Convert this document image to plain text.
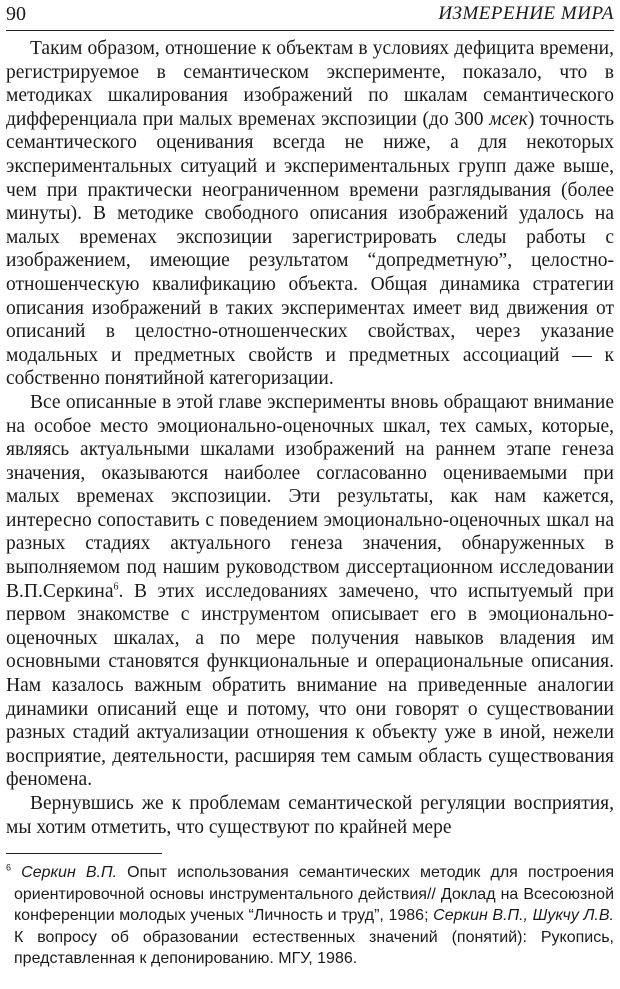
90	ИЗМЕРЕНИЕ МИРА

Таким образом, отношение к объектам в условиях дефицита времени, регистрируемое в семантическом эксперименте, показало, что в методиках шкалирования изображений по шкалам семантического дифференциала при малых временах экспозиции (до 300 мсек) точность семантического оценивания всегда не ниже, а для некоторых экспериментальных ситуаций и экспериментальных групп даже выше, чем при практически неограниченном времени разглядывания (более минуты). В методике свободного описания изображений удалось на малых временах экспозиции зарегистрировать следы работы с изображением, имеющие результатом “допредметную”, целостно-отношенческую квалификацию объекта. Общая динамика стратегии описания изображений в таких экспериментах имеет вид движения от описаний в целостно-отношенческих свойствах, через указание модальных и предметных свойств и предметных ассоциаций — к собственно понятийной категоризации.

Все описанные в этой главе эксперименты вновь обращают внимание на особое место эмоционально-оценочных шкал, тех самых, которые, являясь актуальными шкалами изображений на раннем этапе генеза значения, оказываются наиболее согласованно оцениваемыми при малых временах экспозиции. Эти результаты, как нам кажется, интересно сопоставить с поведением эмоционально-оценочных шкал на разных стадиях актуального генеза значения, обнаруженных в выполняемом под нашим руководством диссертационном исследовании В.П.Серкина$^6$. В этих исследованиях замечено, что испытуемый при первом знакомстве с инструментом описывает его в эмоционально-оценочных шкалах, а по мере получения навыков владения им основными становятся функциональные и операциональные описания. Нам казалось важным обратить внимание на приведенные аналогии динамики описаний еще и потому, что они говорят о существовании разных стадий актуализации отношения к объекту уже в иной, нежели восприятие, деятельности, расширяя тем самым область существования феномена.

Вернувшись же к проблемам семантической регуляции восприятия, мы хотим отметить, что существуют по крайней мере

$^6$ Серкин В.П. Опыт использования семантических методик для построения ориентировочной основы инструментального действия// Доклад на Всесоюзной конференции молодых ученых “Личность и труд”, 1986; Серкин В.П., Шукчу Л.В. К вопросу об образовании естественных значений (понятий): Рукопись, представленная к депонированию. МГУ, 1986.
